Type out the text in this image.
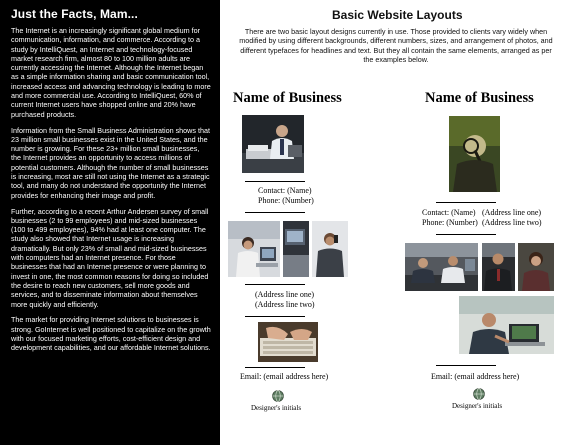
Just the Facts, Mam...

The Internet is an increasingly significant global medium for communication, information, and commerce. According to a study by IntelliQuest, an Internet and technology-focused market research firm, almost 80 to 100 million adults are currently accessing the Internet. Although the Internet began as a simple information sharing and basic communication tool, increased access and advancing technology is leading to more and more commercial use. According to IntelliQuest, 60% of current Internet users have shopped online and 20% have purchased products.

Information from the Small Business Administration shows that 23 million small businesses exist in the United States, and the number is growing. For these 23+ million small businesses, the Internet provides an opportunity to access millions of potential customers. Although the number of small businesses is increasing, most are still not using the Internet as a strategic tool, and many do not understand the opportunity the Internet provides for enhancing their image and profit.

Further, according to a recent Arthur Andersen survey of small businesses (2 to 99 employees) and mid-sized businesses (100 to 499 employees), 94% had at least one computer. The study also showed that Internet usage is increasing dramatically. But only 23% of small and mid-sized businesses with computers had an Internet presence. For those businesses that had an Internet presence or were planning to invest in one, the most common reasons for doing so included the desire to reach new customers, sell more goods and services, and to disseminate information about themselves more quickly and efficiently.

The market for providing Internet solutions to businesses is strong. GoInternet is well positioned to capitalize on the growth with our focused marketing efforts, cost-efficient design and development capabilities, and our affordable Internet solutions.

Basic Website Layouts
There are two basic layout designs currently in use. Those provided to clients vary widely when modified by using different backgrounds, different numbers, sizes, and arrangement of photos, and different typefaces for headlines and text. But they all contain the same elements, arranged as per the examples below.
Name of Business
Contact: (Name)
Phone: (Number)
(Address line one)
(Address line two)
Email: (email address here)
Designer's initials
Name of Business
Contact: (Name)
Phone: (Number)
(Address line one)
(Address line two)
Email: (email address here)
Designer's initials
